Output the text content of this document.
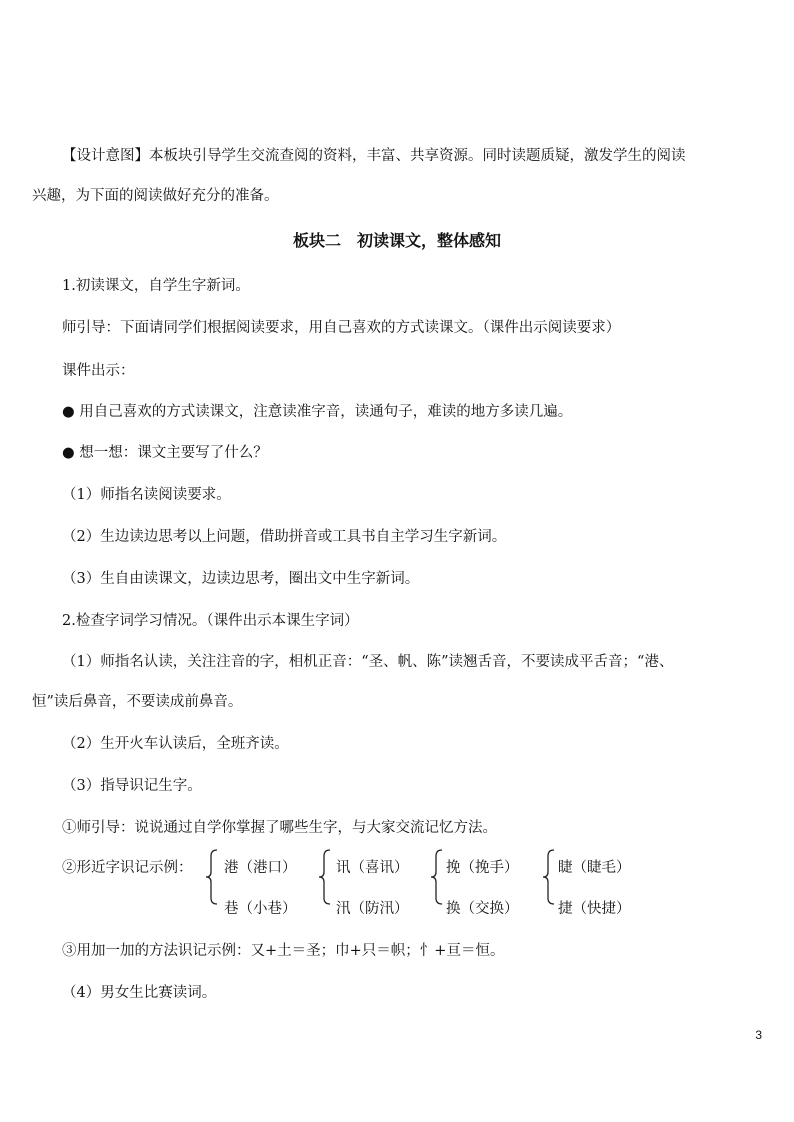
【设计意图】本板块引导学生交流查阅的资料，丰富、共享资源。同时读题质疑，激发学生的阅读
兴趣，为下面的阅读做好充分的准备。
板块二　初读课文，整体感知
1.初读课文，自学生字新词。
师引导：下面请同学们根据阅读要求，用自己喜欢的方式读课文。（课件出示阅读要求）
课件出示：
● 用自己喜欢的方式读课文，注意读准字音，读通句子，难读的地方多读几遍。
● 想一想：课文主要写了什么？
（1）师指名读阅读要求。
（2）生边读边思考以上问题，借助拼音或工具书自主学习生字新词。
（3）生自由读课文，边读边思考，圈出文中生字新词。
2.检查字词学习情况。（课件出示本课生字词）
（1）师指名认读，关注注音的字，相机正音：“圣、帆、陈”读翘舌音，不要读成平舌音；“港、
恒”读后鼻音，不要读成前鼻音。
（2）生开火车认读后，全班齐读。
（3）指导识记生字。
①师引导：说说通过自学你掌握了哪些生字，与大家交流记忆方法。
②形近字识记示例： 港（港口）
巷（小巷）
讯（喜讯）
汛（防汛）
挽（挽手）
换（交换）
睫（睫毛）
捷（快捷）
③用加一加的方法识记示例：又+土＝圣；巾+只＝帜；忄+亘＝恒。
（4）男女生比赛读词。
3
